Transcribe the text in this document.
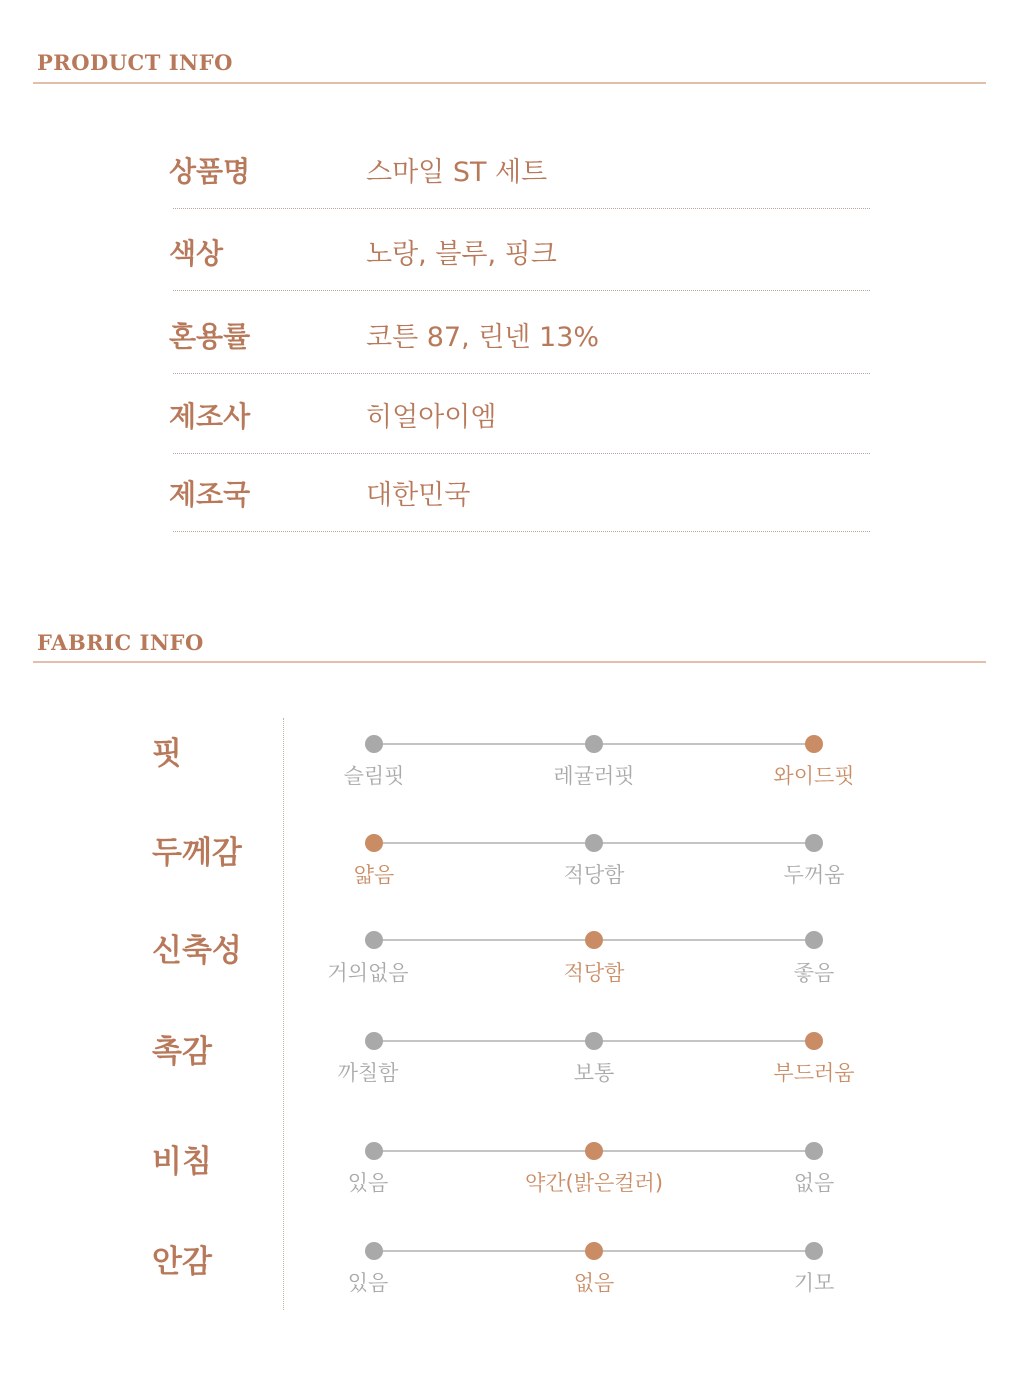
PRODUCT INFO
상품명	스마일 ST 세트
색상	노랑, 블루, 핑크
혼용률	코튼 87, 린넨 13%
제조사	히얼아이엠
제조국	대한민국
FABRIC INFO
핏
슬림핏	레귤러핏	와이드핏
두께감
얇음	적당함	두꺼움
신축성
거의없음	적당함	좋음
촉감
까칠함	보통	부드러움
비침
있음	약간(밝은컬러)	없음
안감
있음	없음	기모
